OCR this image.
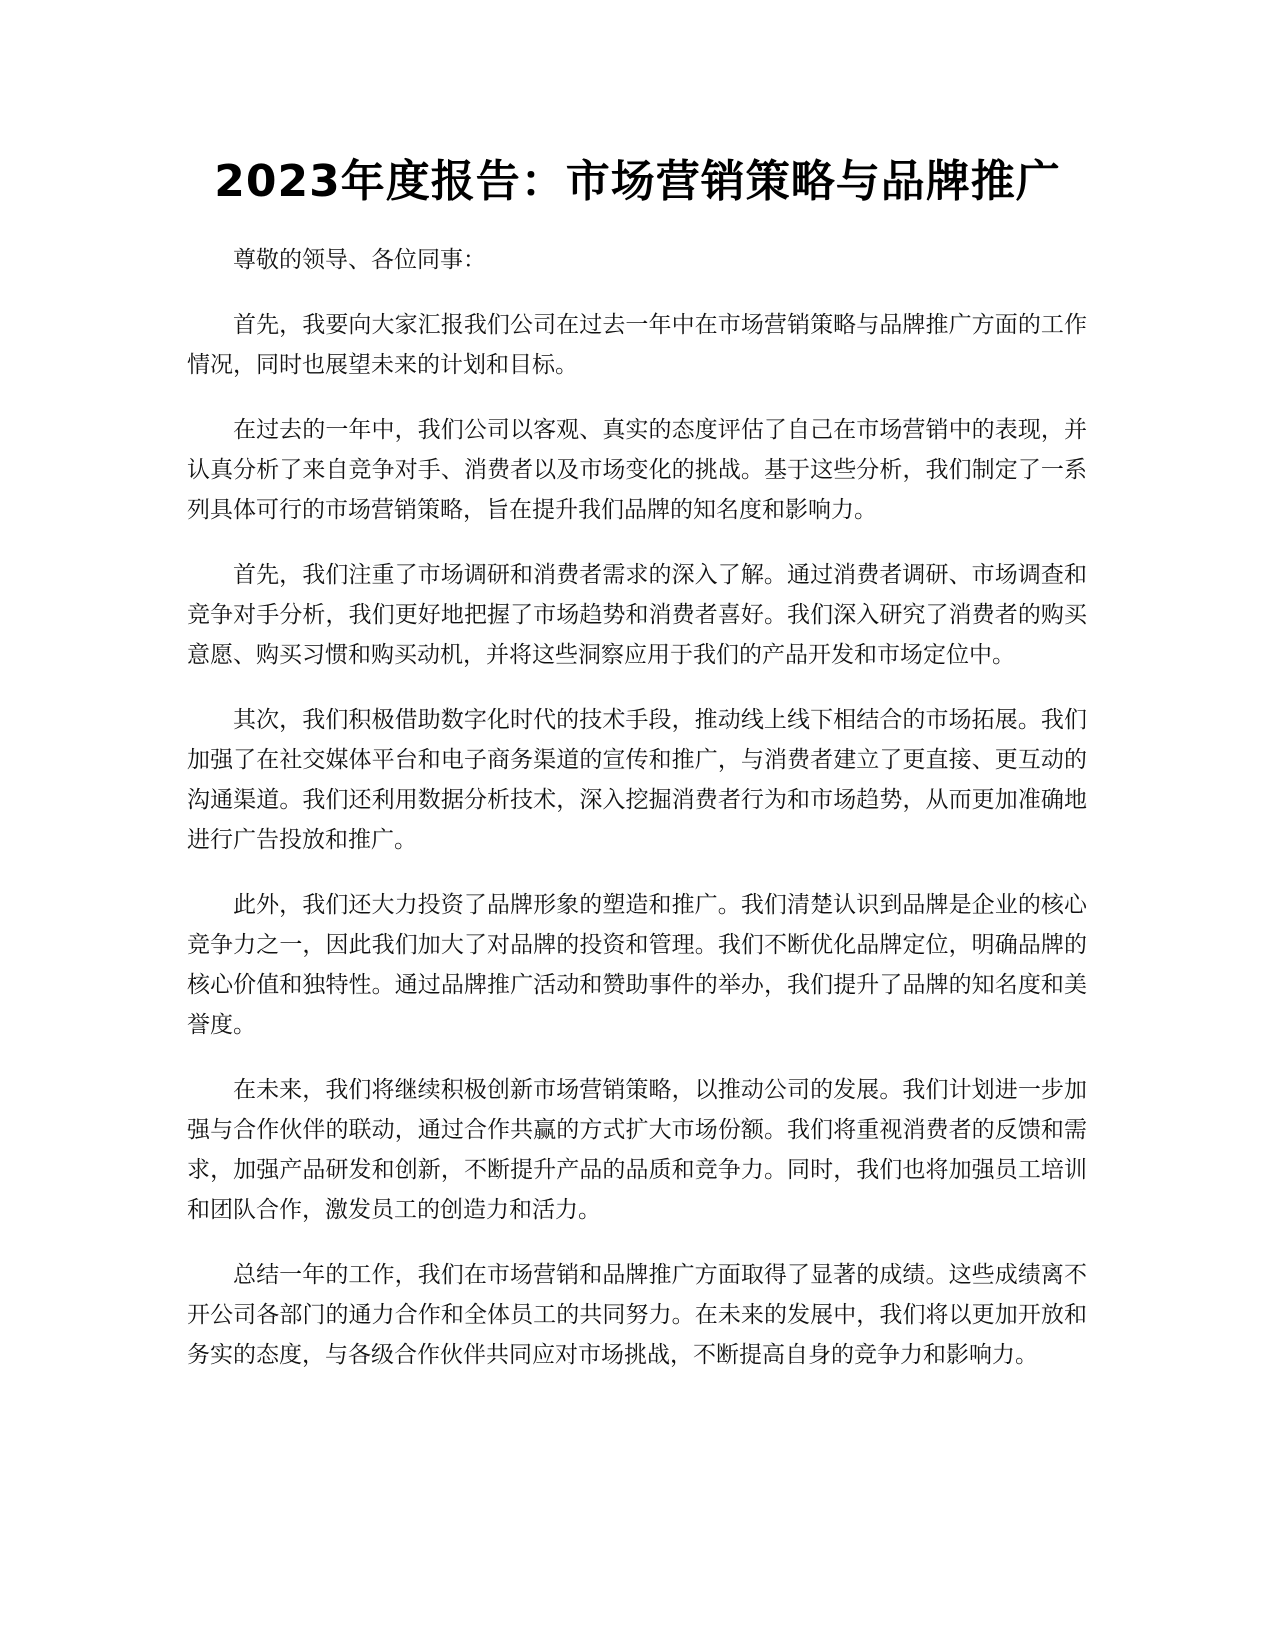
2023年度报告：市场营销策略与品牌推广

尊敬的领导、各位同事：

首先，我要向大家汇报我们公司在过去一年中在市场营销策略与品牌推广方面的工作情况，同时也展望未来的计划和目标。

在过去的一年中，我们公司以客观、真实的态度评估了自己在市场营销中的表现，并认真分析了来自竞争对手、消费者以及市场变化的挑战。基于这些分析，我们制定了一系列具体可行的市场营销策略，旨在提升我们品牌的知名度和影响力。

首先，我们注重了市场调研和消费者需求的深入了解。通过消费者调研、市场调查和竞争对手分析，我们更好地把握了市场趋势和消费者喜好。我们深入研究了消费者的购买意愿、购买习惯和购买动机，并将这些洞察应用于我们的产品开发和市场定位中。

其次，我们积极借助数字化时代的技术手段，推动线上线下相结合的市场拓展。我们加强了在社交媒体平台和电子商务渠道的宣传和推广，与消费者建立了更直接、更互动的沟通渠道。我们还利用数据分析技术，深入挖掘消费者行为和市场趋势，从而更加准确地进行广告投放和推广。

此外，我们还大力投资了品牌形象的塑造和推广。我们清楚认识到品牌是企业的核心竞争力之一，因此我们加大了对品牌的投资和管理。我们不断优化品牌定位，明确品牌的核心价值和独特性。通过品牌推广活动和赞助事件的举办，我们提升了品牌的知名度和美誉度。

在未来，我们将继续积极创新市场营销策略，以推动公司的发展。我们计划进一步加强与合作伙伴的联动，通过合作共赢的方式扩大市场份额。我们将重视消费者的反馈和需求，加强产品研发和创新，不断提升产品的品质和竞争力。同时，我们也将加强员工培训和团队合作，激发员工的创造力和活力。

总结一年的工作，我们在市场营销和品牌推广方面取得了显著的成绩。这些成绩离不开公司各部门的通力合作和全体员工的共同努力。在未来的发展中，我们将以更加开放和务实的态度，与各级合作伙伴共同应对市场挑战，不断提高自身的竞争力和影响力。
